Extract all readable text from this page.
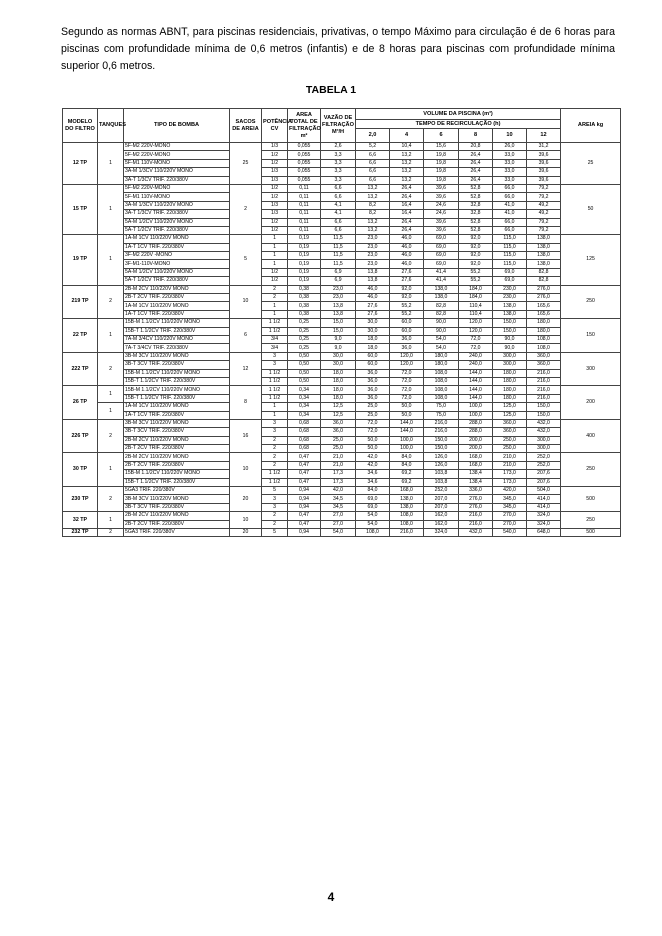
Segundo as normas ABNT, para piscinas residenciais, privativas, o tempo Máximo para circulação é de 6 horas para piscinas com profundidade mínima de 0,6 metros (infantis) e de 8 horas para piscinas com profundidade mínima superior 0,6 metros.

TABELA 1

MODELO DO FILTRO	TANQUES	TIPO DE BOMBA	SACOS DE AREIA	POTÊNCIA CV	AREA TOTAL DE FILTRAÇÃO m²	VAZÃO DE FILTRAÇÃO M³/H	VOLUME DA PISCINA (m³)						AREIA kg
							TEMPO DE RECIRCULAÇÃO (h)						
							2,0	4	6	8	10	12	
12 TP	1	5F-M2 220V-MONO	25	1/3	0,055	2,6	5,2	10,4	15,6	20,8	26,0	31,2	25
		5F-M2 220V-MONO		1/2	0,055	3,3	6,6	13,2	19,8	26,4	33,0	39,6	
		5F-M1 110V-MONO		1/2	0,055	3,3	6,6	13,2	19,8	26,4	33,0	39,6	
		3A-M 1/3CV 110/220V MONO		1/3	0,055	3,3	6,6	13,2	19,8	26,4	33,0	39,6	
		3A-T 1/3CV TRIF. 220/380V		1/3	0,055	3,3	6,6	13,2	19,8	26,4	33,0	39,6	
15 TP	1	5F-M2 220V-MONO	2	1/2	0,11	6,6	13,2	26,4	39,6	52,8	66,0	79,2	50
		5F-M1 110V-MONO		1/2	0,11	6,6	13,2	26,4	39,6	52,8	66,0	79,2	
		3A-M 1/3CV 110/220V MONO		1/3	0,11	4,1	8,2	16,4	24,6	32,8	41,0	49,2	
		3A-T 1/3CV TRIF. 220/380V		1/3	0,11	4,1	8,2	16,4	24,6	32,8	41,0	49,2	
		5A-M 1/2CV 110/220V MONO		1/2	0,11	6,6	13,2	26,4	39,6	52,8	66,0	79,2	
		5A-T 1/2CV TRIF. 220/380V		1/2	0,11	6,6	13,2	26,4	39,6	52,8	66,0	79,2	
19 TP	1	1A-M 1CV 110/220V MONO	5	1	0,19	11,5	23,0	46,0	69,0	92,0	115,0	138,0	125
		1A-T 1CV TRIF. 220/380V		1	0,19	11,5	23,0	46,0	69,0	92,0	115,0	138,0	
		3F-M2 220V -MONO		1	0,19	11,5	23,0	46,0	69,0	92,0	115,0	138,0	
		3F-M1-110V-MONO		1	0,19	11,5	23,0	46,0	69,0	92,0	115,0	138,0	
		5A-M 1/2CV 110/220V MONO		1/2	0,19	6,9	13,8	27,6	41,4	55,2	69,0	82,8	
		5A-T 1/2CV TRIF. 220/380V		1/2	0,19	6,9	13,8	27,6	41,4	55,2	69,0	82,8	
219 TP	2	2B-M 2CV 110/220V MONO	10	2	0,38	23,0	46,0	92,0	138,0	184,0	230,0	276,0	250
		2B-T 2CV TRIF. 220/380V		2	0,38	23,0	46,0	92,0	138,0	184,0	230,0	276,0	
		1A-M 1CV 110/220V MONO		1	0,38	13,8	27,6	55,2	82,8	110,4	138,0	165,6	
		1A-T 1CV TRIF. 220/380V		1	0,38	13,8	27,6	55,2	82,8	110,4	138,0	165,6	
22 TP	1	15B-M 1.1/2CV 110/220V MONO	6	1 1/2	0,25	15,0	30,0	60,0	90,0	120,0	150,0	180,0	150
		15B-T 1.1/2CV TRIF. 220/380V		1 1/2	0,25	15,0	30,0	60,0	90,0	120,0	150,0	180,0	
		7A-M 3/4CV 110/220V MONO		3/4	0,25	9,0	18,0	36,0	54,0	72,0	90,0	108,0	
		7A-T 3/4CV TRIF. 220/380V		3/4	0,25	9,0	18,0	36,0	54,0	72,0	90,0	108,0	
222 TP	2	3B-M 3CV 110/220V MONO	12	3	0,50	30,0	60,0	120,0	180,0	240,0	300,0	360,0	300
		3B-T 3CV TRIF. 220/380V		3	0,50	30,0	60,0	120,0	180,0	240,0	300,0	360,0	
		15B-M 1.1/2CV 110/220V MONO		1 1/2	0,50	18,0	36,0	72,0	108,0	144,0	180,0	216,0	
		15B-T 1.1/2CV TRIF. 220/380V		1 1/2	0,50	18,0	36,0	72,0	108,0	144,0	180,0	216,0	
26 TP	1	15B-M 1.1/2CV 110/220V MONO	8	1 1/2	0,34	18,0	36,0	72,0	108,0	144,0	180,0	216,0	200
		15B-T 1.1/2CV TRIF. 220/380V		1 1/2	0,34	18,0	36,0	72,0	108,0	144,0	180,0	216,0	
	1	1A-M 1CV 110/220V MONO		1	0,34	12,5	25,0	50,0	75,0	100,0	125,0	150,0	
		1A-T 1CV TRIF. 220/380V		1	0,34	12,5	25,0	50,0	75,0	100,0	125,0	150,0	
226 TP	2	3B-M 3CV 110/220V MONO	16	3	0,68	36,0	72,0	144,0	216,0	288,0	360,0	432,0	400
		3B-T 3CV TRIF. 220/380V		3	0,68	36,0	72,0	144,0	216,0	288,0	360,0	432,0	
		2B-M 2CV 110/220V MONO		2	0,68	25,0	50,0	100,0	150,0	200,0	250,0	300,0	
		2B-T 2CV TRIF. 220/380V		2	0,68	25,0	50,0	100,0	150,0	200,0	250,0	300,0	
30 TP	1	2B-M 2CV 110/220V MONO	10	2	0,47	21,0	42,0	84,0	126,0	168,0	210,0	252,0	250
		2B-T 2CV TRIF. 220/380V		2	0,47	21,0	42,0	84,0	126,0	168,0	210,0	252,0	
		15B-M 1.1/2CV 110/220V MONO		1 1/2	0,47	17,3	34,6	69,2	103,8	138,4	173,0	207,6	
		15B-T 1.1/2CV TRIF. 220/380V		1 1/2	0,47	17,3	34,6	69,2	103,8	138,4	173,0	207,6	
230 TP	2	5GA3 TRIF. 220/380V	20	5	0,94	42,0	84,0	168,0	252,0	336,0	420,0	504,0	500
		3B-M 3CV 110/220V MONO		3	0,94	34,5	69,0	138,0	207,0	276,0	345,0	414,0	
		3B-T 3CV TRIF. 220/380V		3	0,94	34,5	69,0	138,0	207,0	276,0	345,0	414,0	
32 TP	1	2B-M 2CV 110/220V MONO	10	2	0,47	27,0	54,0	108,0	162,0	216,0	270,0	324,0	250
		2B-T 2CV TRIF. 220/380V		2	0,47	27,0	54,0	108,0	162,0	216,0	270,0	324,0	
232 TP	2	5GA3 TRIF. 220/380V	20	5	0,94	54,0	108,0	216,0	324,0	432,0	540,0	648,0	500

4
